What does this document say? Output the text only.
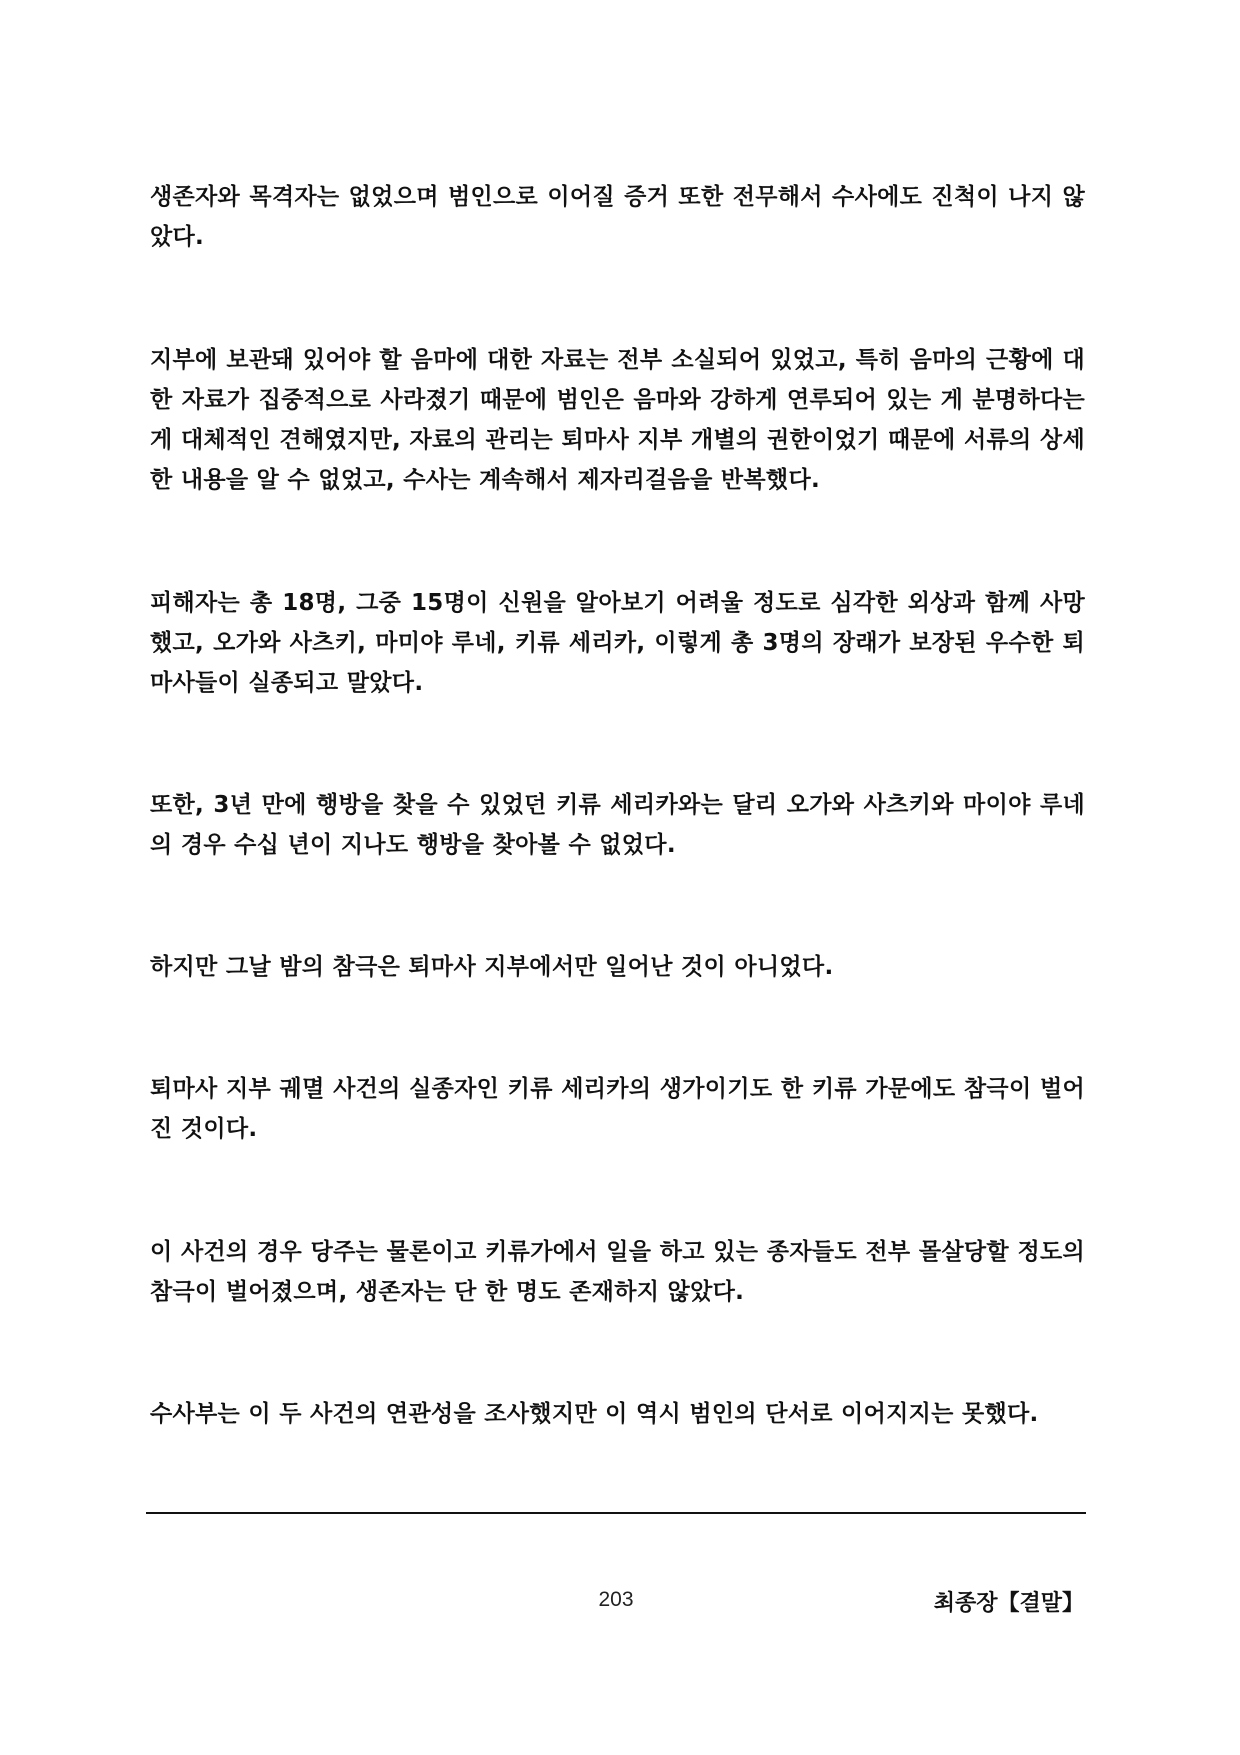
생존자와 목격자는 없었으며 범인으로 이어질 증거 또한 전무해서 수사에도 진척이 나지 않았다.

지부에 보관돼 있어야 할 음마에 대한 자료는 전부 소실되어 있었고, 특히 음마의 근황에 대한 자료가 집중적으로 사라졌기 때문에 범인은 음마와 강하게 연루되어 있는 게 분명하다는 게 대체적인 견해였지만, 자료의 관리는 퇴마사 지부 개별의 권한이었기 때문에 서류의 상세한 내용을 알 수 없었고, 수사는 계속해서 제자리걸음을 반복했다.

피해자는 총 18명, 그중 15명이 신원을 알아보기 어려울 정도로 심각한 외상과 함께 사망했고, 오가와 사츠키, 마미야 루네, 키류 세리카, 이렇게 총 3명의 장래가 보장된 우수한 퇴마사들이 실종되고 말았다.

또한, 3년 만에 행방을 찾을 수 있었던 키류 세리카와는 달리 오가와 사츠키와 마이야 루네의 경우 수십 년이 지나도 행방을 찾아볼 수 없었다.

하지만 그날 밤의 참극은 퇴마사 지부에서만 일어난 것이 아니었다.

퇴마사 지부 궤멸 사건의 실종자인 키류 세리카의 생가이기도 한 키류 가문에도 참극이 벌어진 것이다.

이 사건의 경우 당주는 물론이고 키류가에서 일을 하고 있는 종자들도 전부 몰살당할 정도의 참극이 벌어졌으며, 생존자는 단 한 명도 존재하지 않았다.

수사부는 이 두 사건의 연관성을 조사했지만 이 역시 범인의 단서로 이어지지는 못했다.

203	최종장【결말】
